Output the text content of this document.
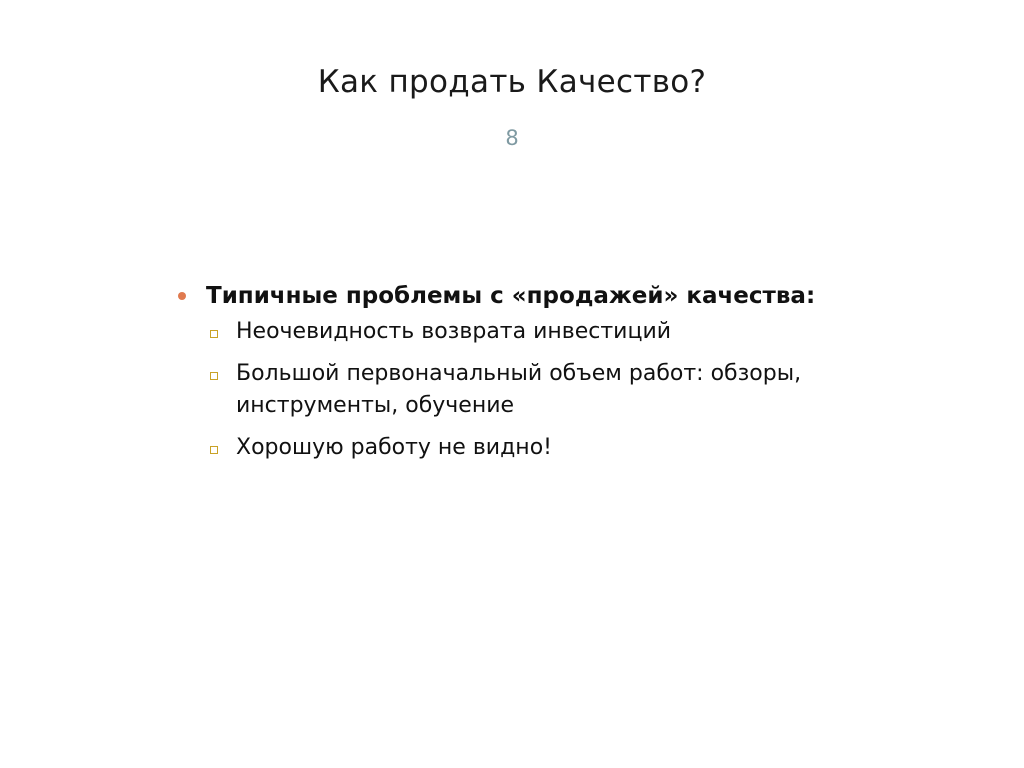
Как продать Качество?
8
Типичные проблемы с «продажей» качества:
Неочевидность возврата инвестиций
Большой первоначальный объем работ: обзоры, инструменты, обучение
Хорошую работу не видно!
